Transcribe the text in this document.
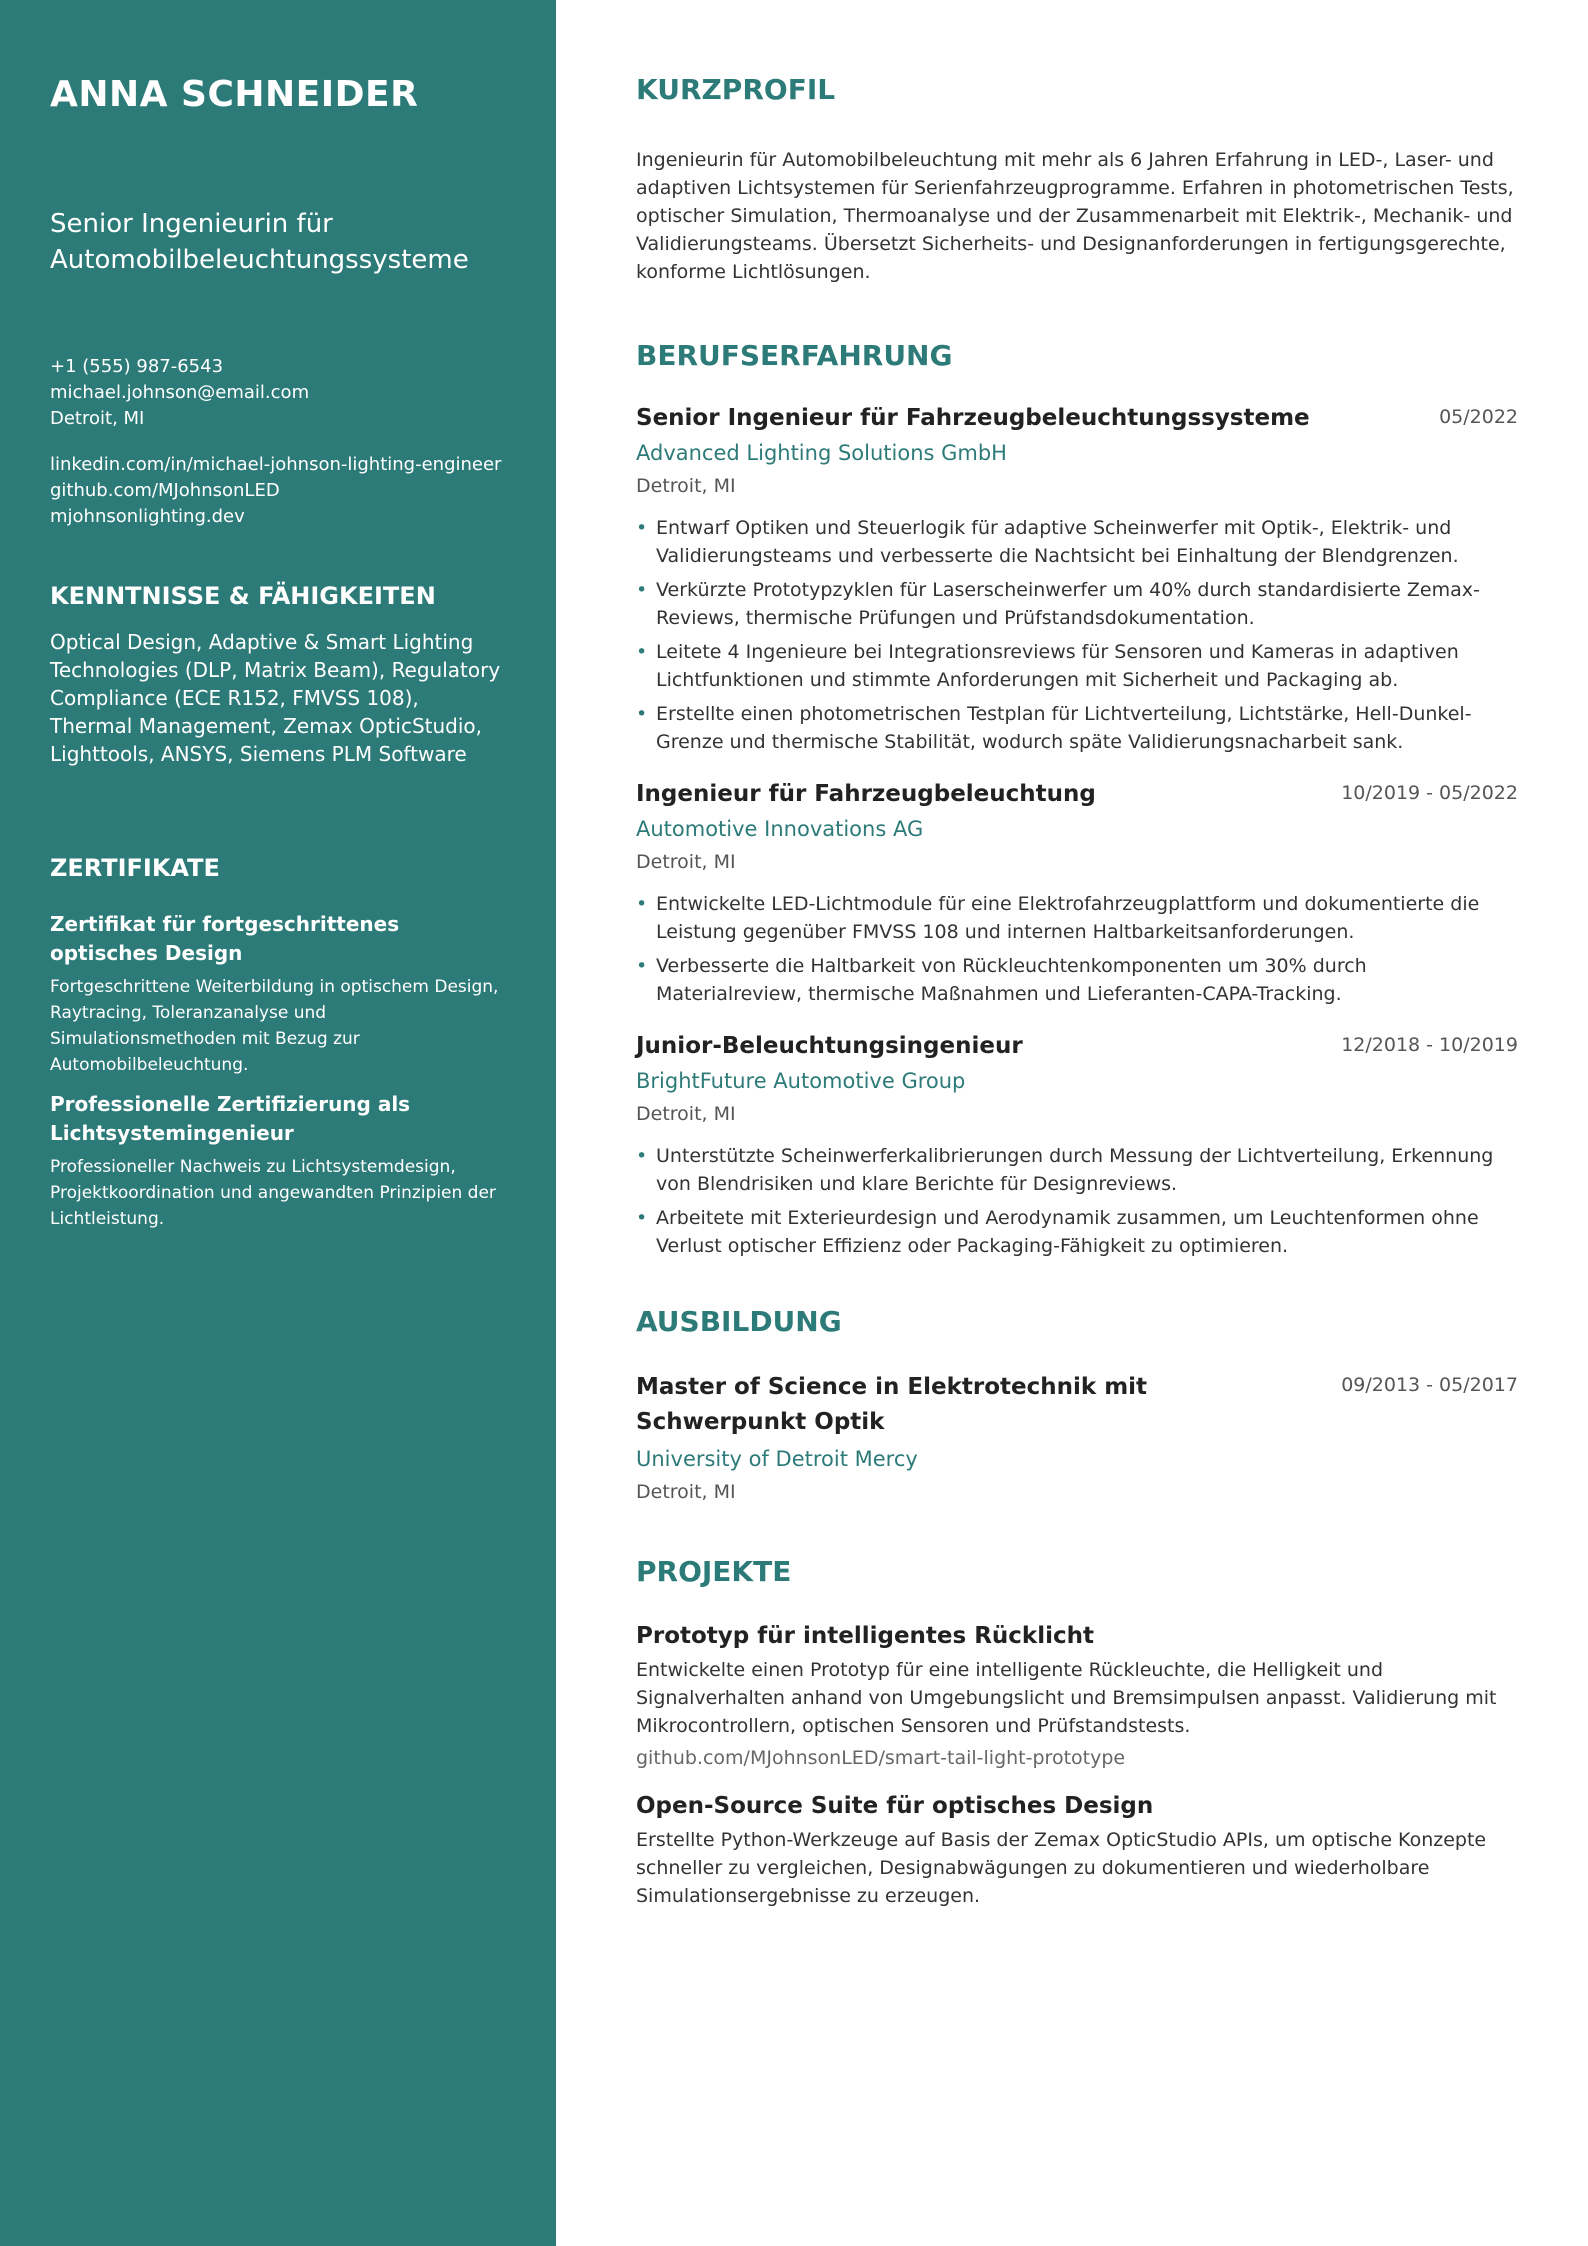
ANNA SCHNEIDER
Senior Ingenieurin für Automobilbeleuchtungssysteme
+1 (555) 987-6543
michael.johnson@email.com
Detroit, MI
linkedin.com/in/michael-johnson-lighting-engineer
github.com/MJohnsonLED
mjohnsonlighting.dev
KENNTNISSE & FÄHIGKEITEN
Optical Design, Adaptive & Smart Lighting Technologies (DLP, Matrix Beam), Regulatory Compliance (ECE R152, FMVSS 108), Thermal Management, Zemax OpticStudio, Lighttools, ANSYS, Siemens PLM Software
ZERTIFIKATE
Zertifikat für fortgeschrittenes optisches Design
Fortgeschrittene Weiterbildung in optischem Design, Raytracing, Toleranzanalyse und Simulationsmethoden mit Bezug zur Automobilbeleuchtung.
Professionelle Zertifizierung als Lichtsystemingenieur
Professioneller Nachweis zu Lichtsystemdesign, Projektkoordination und angewandten Prinzipien der Lichtleistung.
KURZPROFIL

Ingenieurin für Automobilbeleuchtung mit mehr als 6 Jahren Erfahrung in LED-, Laser- und adaptiven Lichtsystemen für Serienfahrzeugprogramme. Erfahren in photometrischen Tests, optischer Simulation, Thermoanalyse und der Zusammenarbeit mit Elektrik-, Mechanik- und Validierungsteams. Übersetzt Sicherheits- und Designanforderungen in fertigungsgerechte, konforme Lichtlösungen.

BERUFSERFAHRUNG
Senior Ingenieur für Fahrzeugbeleuchtungssysteme	05/2022
Advanced Lighting Solutions GmbH
Detroit, MI
• Entwarf Optiken und Steuerlogik für adaptive Scheinwerfer mit Optik-, Elektrik- und Validierungsteams und verbesserte die Nachtsicht bei Einhaltung der Blendgrenzen.
• Verkürzte Prototypzyklen für Laserscheinwerfer um 40% durch standardisierte Zemax-Reviews, thermische Prüfungen und Prüfstandsdokumentation.
• Leitete 4 Ingenieure bei Integrationsreviews für Sensoren und Kameras in adaptiven Lichtfunktionen und stimmte Anforderungen mit Sicherheit und Packaging ab.
• Erstellte einen photometrischen Testplan für Lichtverteilung, Lichtstärke, Hell-Dunkel-Grenze und thermische Stabilität, wodurch späte Validierungsnacharbeit sank.
Ingenieur für Fahrzeugbeleuchtung	10/2019 - 05/2022
Automotive Innovations AG
Detroit, MI
• Entwickelte LED-Lichtmodule für eine Elektrofahrzeugplattform und dokumentierte die Leistung gegenüber FMVSS 108 und internen Haltbarkeitsanforderungen.
• Verbesserte die Haltbarkeit von Rückleuchtenkomponenten um 30% durch Materialreview, thermische Maßnahmen und Lieferanten-CAPA-Tracking.
Junior-Beleuchtungsingenieur	12/2018 - 10/2019
BrightFuture Automotive Group
Detroit, MI
• Unterstützte Scheinwerferkalibrierungen durch Messung der Lichtverteilung, Erkennung von Blendrisiken und klare Berichte für Designreviews.
• Arbeitete mit Exterieurdesign und Aerodynamik zusammen, um Leuchtenformen ohne Verlust optischer Effizienz oder Packaging-Fähigkeit zu optimieren.
AUSBILDUNG
Master of Science in Elektrotechnik mit Schwerpunkt Optik
09/2013 - 05/2017
University of Detroit Mercy
Detroit, MI
PROJEKTE
Prototyp für intelligentes Rücklicht
Entwickelte einen Prototyp für eine intelligente Rückleuchte, die Helligkeit und Signalverhalten anhand von Umgebungslicht und Bremsimpulsen anpasst. Validierung mit Mikrocontrollern, optischen Sensoren und Prüfstandstests.
github.com/MJohnsonLED/smart-tail-light-prototype
Open-Source Suite für optisches Design
Erstellte Python-Werkzeuge auf Basis der Zemax OpticStudio APIs, um optische Konzepte schneller zu vergleichen, Designabwägungen zu dokumentieren und wiederholbare Simulationsergebnisse zu erzeugen.
